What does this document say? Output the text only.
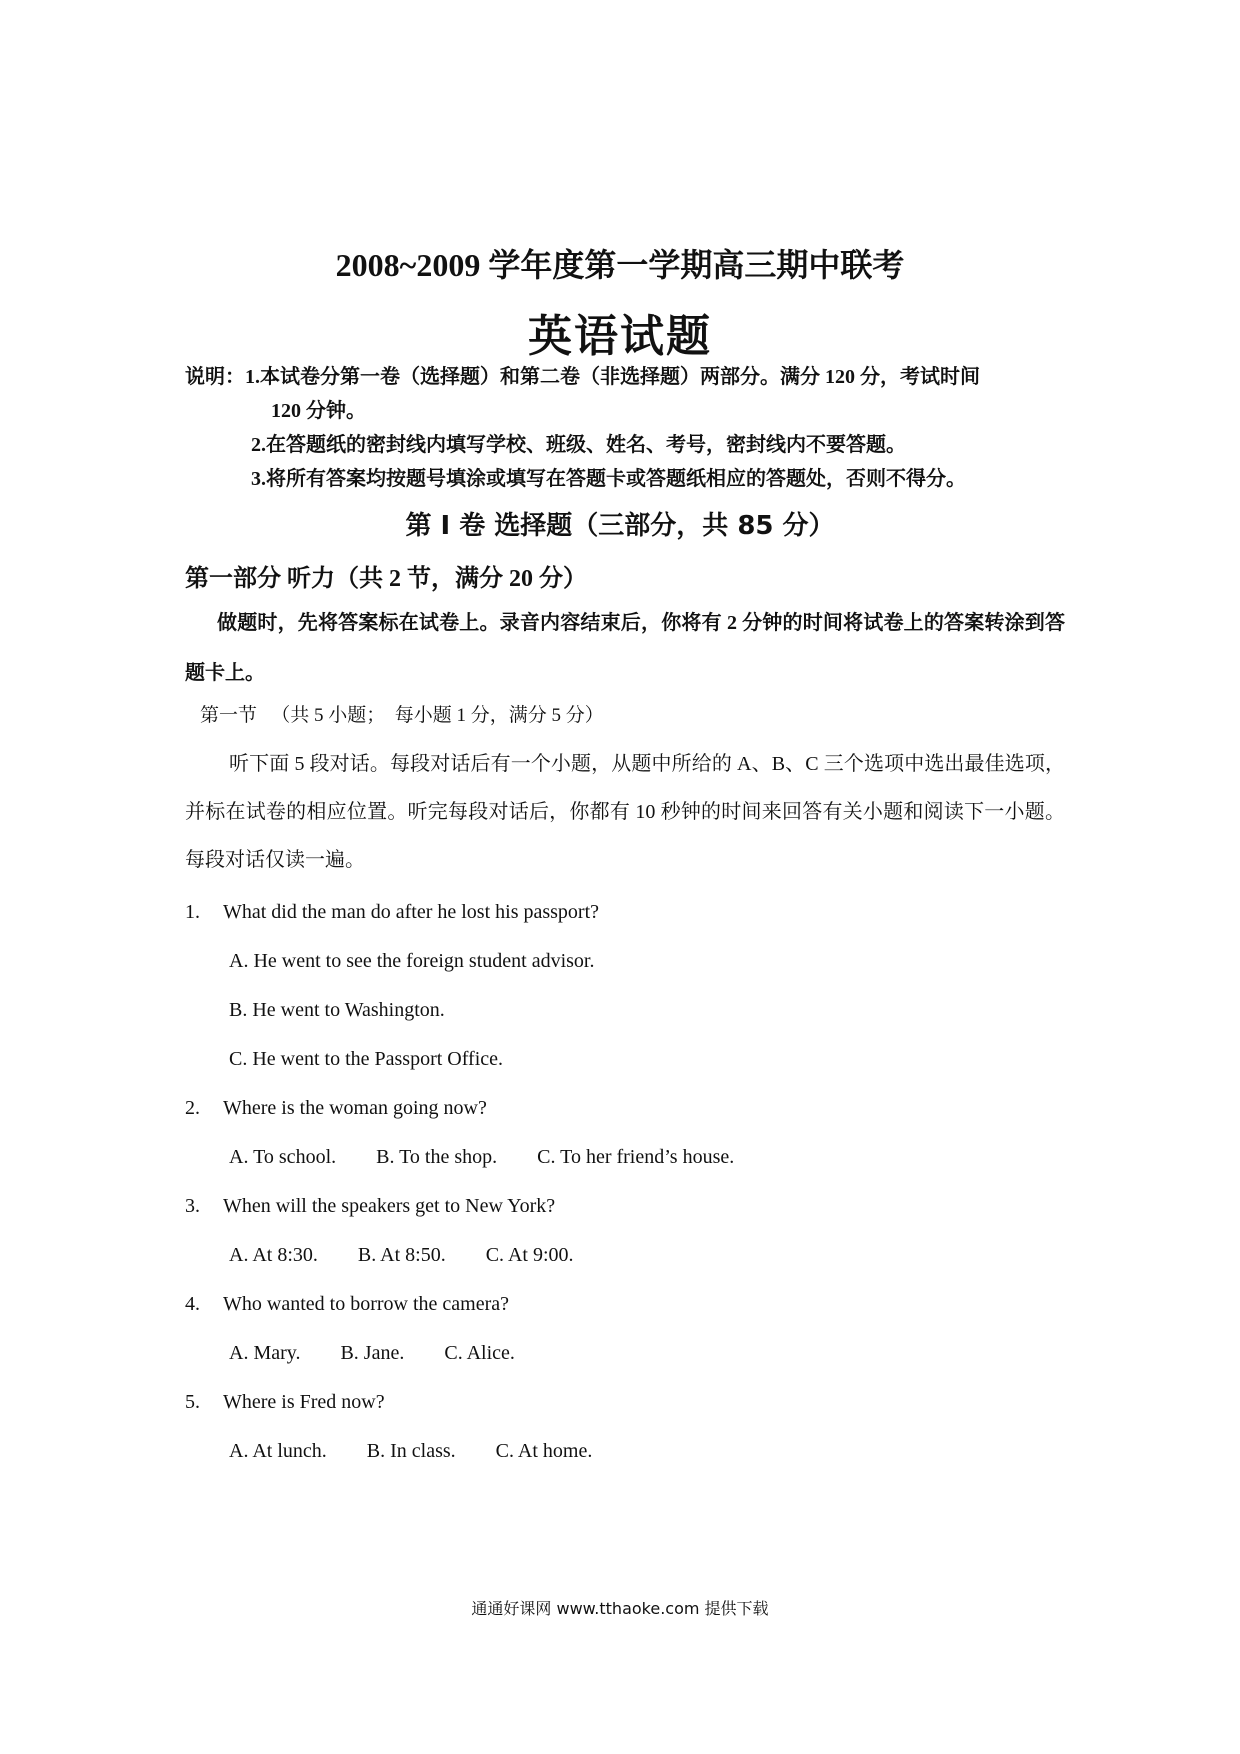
2008~2009 学年度第一学期高三期中联考
英语试题
说明：1.本试卷分第一卷（选择题）和第二卷（非选择题）两部分。满分 120 分，考试时间
120 分钟。
2.在答题纸的密封线内填写学校、班级、姓名、考号，密封线内不要答题。
3.将所有答案均按题号填涂或填写在答题卡或答题纸相应的答题处，否则不得分。
第 I 卷 选择题（三部分，共 85 分）
第一部分 听力（共 2 节，满分 20 分）
做题时，先将答案标在试卷上。录音内容结束后，你将有 2 分钟的时间将试卷上的答案转涂到答题卡上。
第一节   （共 5 小题；  每小题 1 分，满分 5 分）
听下面 5 段对话。每段对话后有一个小题，从题中所给的 A、B、C 三个选项中选出最佳选项，并标在试卷的相应位置。听完每段对话后，你都有 10 秒钟的时间来回答有关小题和阅读下一小题。每段对话仅读一遍。
1. What did the man do after he lost his passport?
A. He went to see the foreign student advisor.
B. He went to Washington.
C. He went to the Passport Office.
2. Where is the woman going now?
A. To school. B. To the shop. C. To her friend’s house.
3. When will the speakers get to New York?
A. At 8:30. B. At 8:50. C. At 9:00.
4. Who wanted to borrow the camera?
A. Mary. B. Jane. C. Alice.
5. Where is Fred now?
A. At lunch. B. In class. C. At home.
通通好课网 www.tthaoke.com 提供下载
